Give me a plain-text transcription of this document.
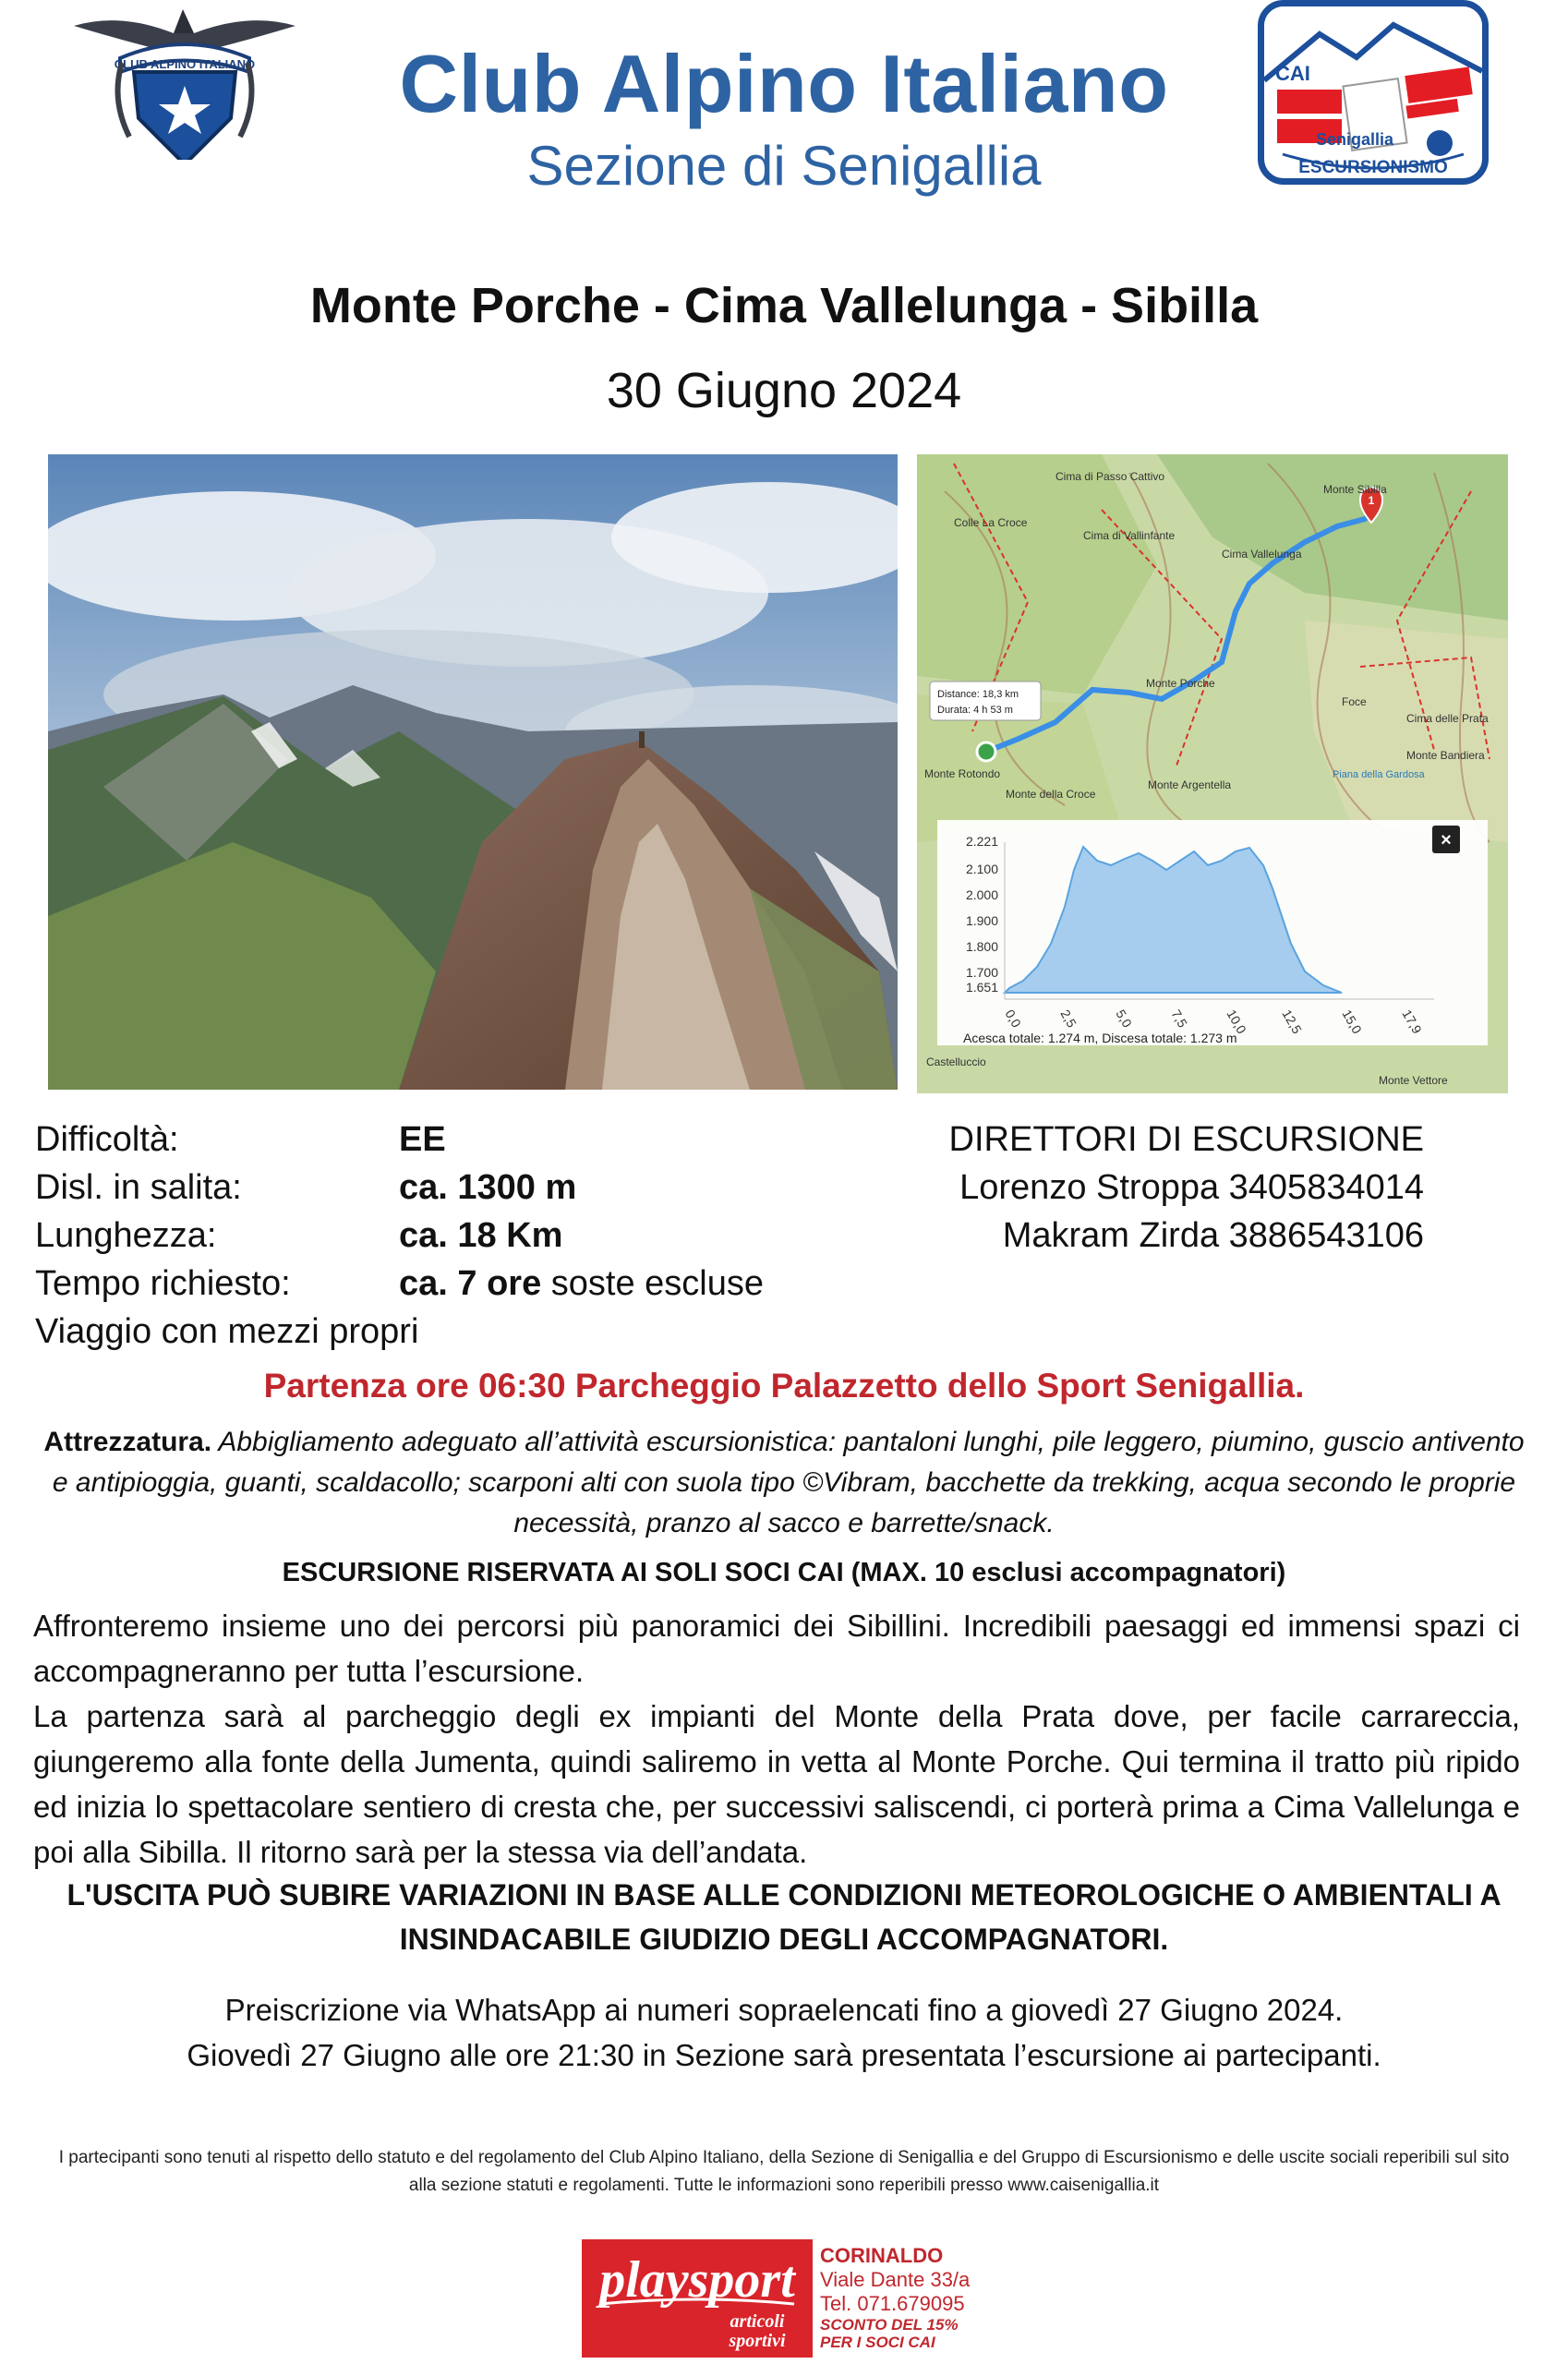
CLUB ALPINO ITALIANO	Club Alpino Italiano
Sezione di Senigallia
CAI
Senigallia
ESCURSIONISMO
Monte Porche - Cima Vallelunga - Sibilla
30 Giugno 2024
1
Cima di Passo Cattivo
Colle La Croce
Cima di Vallinfante
Cima Vallelunga
Monte Sibilla
Monte Porche
Foce
Cima delle Prata
Monte Rotondo
Monte della Croce
Monte Argentella
Piana della Gardosa
Monte Bandiera
Castelluccio
Monte Vettore
Distance: 18,3 km
Durata: 4 h 53 m
×
2.221
2.100
2.000
1.900
1.800
1.700
1.651
0,0	2,5	5,0	7,5	10,0 12,5	15,0	17,9
Acesca totale: 1.274 m, Discesa totale: 1.273 m
Difficoltà:	EE
Disl. in salita:	ca. 1300 m
Lunghezza:	ca. 18 Km
Tempo richiesto:	ca. 7 ore soste escluse
Viaggio con mezzi propri
DIRETTORI DI ESCURSIONE
Lorenzo Stroppa 3405834014
Makram Zirda 3886543106
Partenza ore 06:30 Parcheggio Palazzetto dello Sport Senigallia.
Attrezzatura. Abbigliamento adeguato all’attività escursionistica: pantaloni lunghi, pile leggero, piumino, guscio antivento e antipioggia, guanti, scaldacollo; scarponi alti con suola tipo ©Vibram, bacchette da trekking, acqua secondo le proprie necessità, pranzo al sacco e barrette/snack.
ESCURSIONE RISERVATA AI SOLI SOCI CAI (MAX. 10 esclusi accompagnatori)

Affronteremo insieme uno dei percorsi più panoramici dei Sibillini. Incredibili paesaggi ed immensi spazi ci accompagneranno per tutta l’escursione.

La partenza sarà al parcheggio degli ex impianti del Monte della Prata dove, per facile carrareccia, giungeremo alla fonte della Jumenta, quindi saliremo in vetta al Monte Porche. Qui termina il tratto più ripido ed inizia lo spettacolare sentiero di cresta che, per successivi saliscendi, ci porterà prima a Cima Vallelunga e poi alla Sibilla. Il ritorno sarà per la stessa via dell’andata.

L'USCITA PUÒ SUBIRE VARIAZIONI IN BASE ALLE CONDIZIONI METEOROLOGICHE O AMBIENTALI A INSINDACABILE GIUDIZIO DEGLI ACCOMPAGNATORI.
Preiscrizione via WhatsApp ai numeri sopraelencati fino a giovedì 27 Giugno 2024.
Giovedì 27 Giugno alle ore 21:30 in Sezione sarà presentata l’escursione ai partecipanti.
I partecipanti sono tenuti al rispetto dello statuto e del regolamento del Club Alpino Italiano, della Sezione di Senigallia e del Gruppo di Escursionismo e delle uscite sociali reperibili sul sito alla sezione statuti e regolamenti. Tutte le informazioni sono reperibili presso www.caisenigallia.it
playsport
articoli
sportivi
CORINALDO
Viale Dante 33/a
Tel. 071.679095
SCONTO DEL 15%
PER I SOCI CAI
